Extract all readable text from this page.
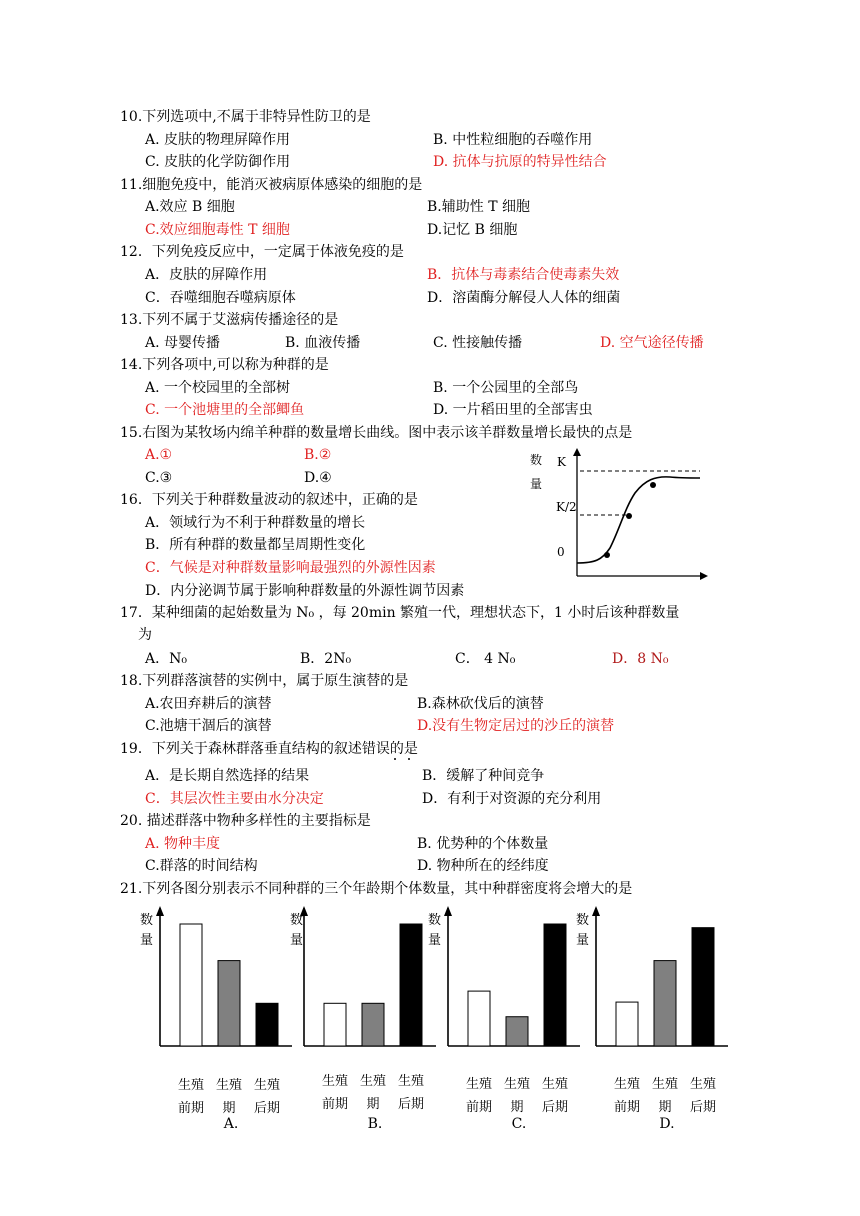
10.下列选项中,不属于非特异性防卫的是
A. 皮肤的物理屏障作用	B. 中性粒细胞的吞噬作用
C. 皮肤的化学防御作用	D. 抗体与抗原的特异性结合
11.细胞免疫中，能消灭被病原体感染的细胞的是
A.效应 B 细胞	B.辅助性 T 细胞
C.效应细胞毒性 T 细胞	D.记忆 B 细胞
12．下列免疫反应中，一定属于体液免疫的是
A．皮肤的屏障作用	B．抗体与毒素结合使毒素失效
C．吞噬细胞吞噬病原体	D．溶菌酶分解侵人人体的细菌
13.下列不属于艾滋病传播途径的是
A. 母婴传播	B. 血液传播	C. 性接触传播	D. 空气途径传播
14.下列各项中,可以称为种群的是
A. 一个校园里的全部树	B. 一个公园里的全部鸟
C. 一个池塘里的全部鲫鱼	D. 一片稻田里的全部害虫
15.右图为某牧场内绵羊种群的数量增长曲线。图中表示该羊群数量增长最快的点是
A.①	B.②
C.③	D.④
数
量
K
K/2
0
16．下列关于种群数量波动的叙述中，正确的是
A．领域行为不利于种群数量的增长
B．所有种群的数量都呈周期性变化
C．气候是对种群数量影响最强烈的外源性因素
D．内分泌调节属于影响种群数量的外源性调节因素
17．某种细菌的起始数量为 N₀ ，每 20min 繁殖一代，理想状态下，1 小时后该种群数量
为
A．N₀	B．2N₀	C． 4 N₀	D．8 N₀
18.下列群落演替的实例中，属于原生演替的是
A.农田弃耕后的演替	B.森林砍伐后的演替
C.池塘干涸后的演替	D.没有生物定居过的沙丘的演替
19．下列关于森林群落垂直结构的叙述错误的是
A．是长期自然选择的结果	B．缓解了种间竞争
C．其层次性主要由水分决定	D．有利于对资源的充分利用
20. 描述群落中物种多样性的主要指标是
A. 物种丰度	B. 优势种的个体数量
C.群落的时间结构	D. 物种所在的经纬度
21.下列各图分别表示不同种群的三个年龄期个体数量，其中种群密度将会增大的是
数
量
数
量
数
量
数
量
生殖
前期
生殖
期
生殖
后期
A.
生殖
前期
生殖
期
生殖
后期
B.
生殖
前期
生殖
期
生殖
后期
C.
生殖
前期
生殖
期
生殖
后期
D.
